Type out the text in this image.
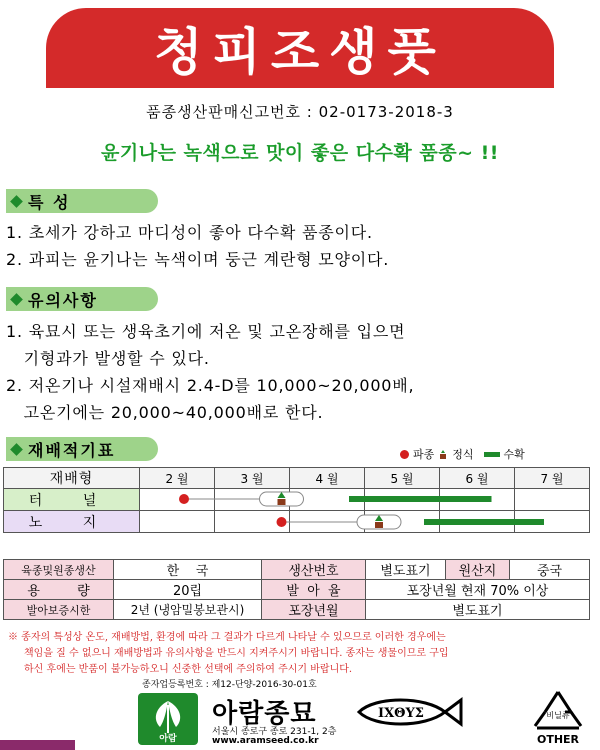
청피조생풋
품종생산판매신고번호 : 02-0173-2018-3
윤기나는 녹색으로 맛이 좋은 다수확 품종~ !!
특 성
1. 초세가 강하고 마디성이 좋아 다수확 품종이다.
2. 과피는 윤기나는 녹색이며 둥근 계란형 모양이다.
유의사항
1. 육묘시 또는 생육초기에 저온 및 고온장해를 입으면
기형과가 발생할 수 있다.
2. 저온기나 시설재배시 2.4-D를 10,000~20,000배,
고온기에는 20,000~40,000배로 한다.
재배적기표	파종 정식	수확
재배형	2 월	3 월	4 월	5 월	6 월	7 월
터 널						
노 지						
육종및원종생산	한    국	생산번호	별도표기	원산지	중국
용         량	20립	발  아  율	포장년월 현재 70% 이상		
발아보증시한	2년 (냉암밀봉보관시)	포장년월	별도표기		
※ 종자의 특성상 온도, 재배방법, 환경에 따라 그 결과가 다르게 나타날 수 있으므로 이러한 경우에는
책임을 질 수 없으니 재배방법과 유의사항을 반드시 지켜주시기 바랍니다. 종자는 생물이므로 구입
하신 후에는 반품이 불가능하오니 신중한 선택에 주의하여 주시기 바랍니다.
종자업등록번호 : 제12-단양-2016-30-01호
아람
아람종묘
서울시 종로구 종로 231-1, 2층
www.aramseed.co.kr
IXΘYΣ	비닐류
OTHER
